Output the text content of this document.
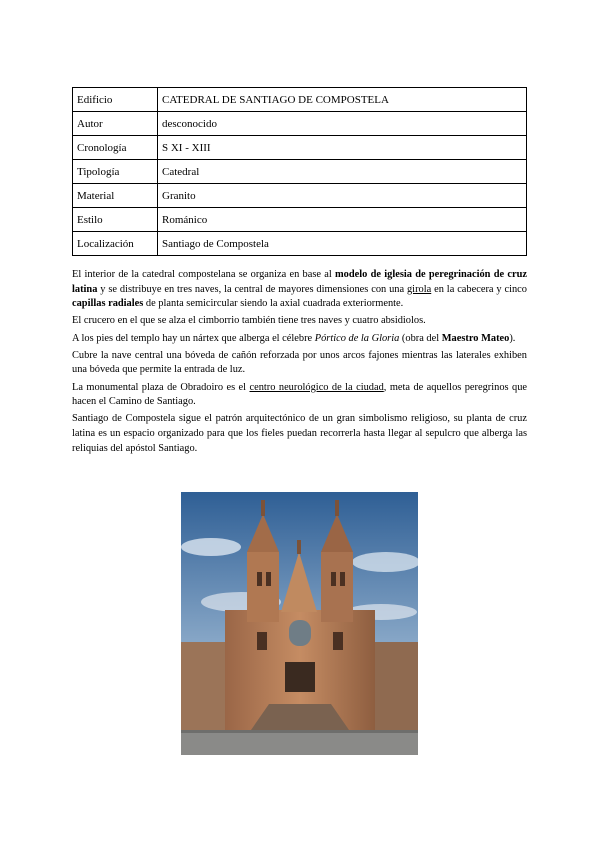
Edificio	CATEDRAL DE SANTIAGO DE COMPOSTELA
Autor	desconocido
Cronología	S XI - XIII
Tipología	Catedral
Material	Granito
Estilo	Románico
Localización	Santiago de Compostela

El interior de la catedral compostelana se organiza en base al modelo de iglesia de peregrinación de cruz latina y se distribuye en tres naves, la central de mayores dimensiones con una girola en la cabecera y cinco capillas radiales de planta semicircular siendo la axial cuadrada exteriormente.

El crucero en el que se alza el cimborrio también tiene tres naves y cuatro absidiolos.

A los pies del templo hay un nártex que alberga el célebre Pórtico de la Gloria (obra del Maestro Mateo).

Cubre la nave central una bóveda de cañón reforzada por unos arcos fajones mientras las laterales exhiben una bóveda que permite la entrada de luz.

La monumental plaza de Obradoiro es el centro neurológico de la ciudad, meta de aquellos peregrinos que hacen el Camino de Santiago.

Santiago de Compostela sigue el patrón arquitectónico de un gran simbolismo religioso, su planta de cruz latina es un espacio organizado para que los fieles puedan recorrerla hasta llegar al sepulcro que alberga las reliquias del apóstol Santiago.
